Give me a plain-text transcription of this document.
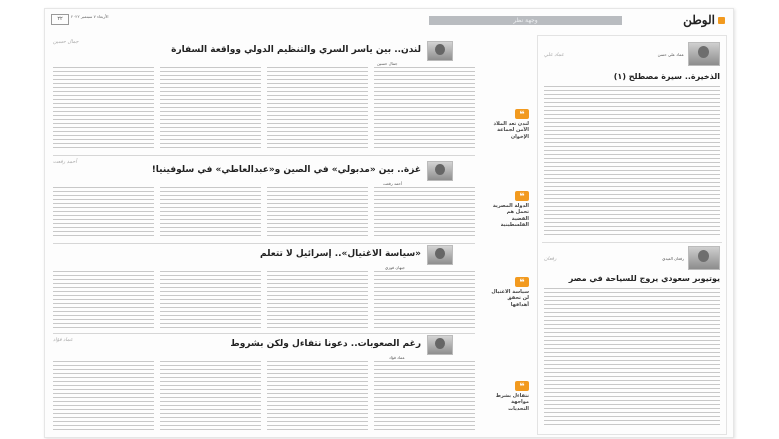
٢٢	الأربعاء ٧ سبتمبر ٢٠٢٢
وجهة نظر	الوطن
عماد علي حسن
عماد علي
الذخيرة.. سيرة مصطلح (١)
رفعان العيدي
رفعان
يوتيوبر سعودي يروج للسياحة في مصر
لندن.. بين ياسر السري والتنظيم الدولي وواقعة السفارة
جمال حسين
جمال حسين
❝
لندن تعد الملاذ الآمن لجماعة الإخوان
غزة.. بين «مدبولي» في الصين و«عبدالعاطي» في سلوفينيا!
أحمد رفعت
أحمد رفعت
❝
الدولة المصرية تحمل هم القضية الفلسطينية
«سياسة الاغتيال».. إسرائيل لا تتعلم
جيهان فوزي
❝
سياسة الاغتيال لن تحقق أهدافها
رغم الصعوبات.. دعونا نتفاءل ولكن بشروط
عماد فؤاد
عماد فؤاد
❝
نتفاءل بشرط مواجهة التحديات
